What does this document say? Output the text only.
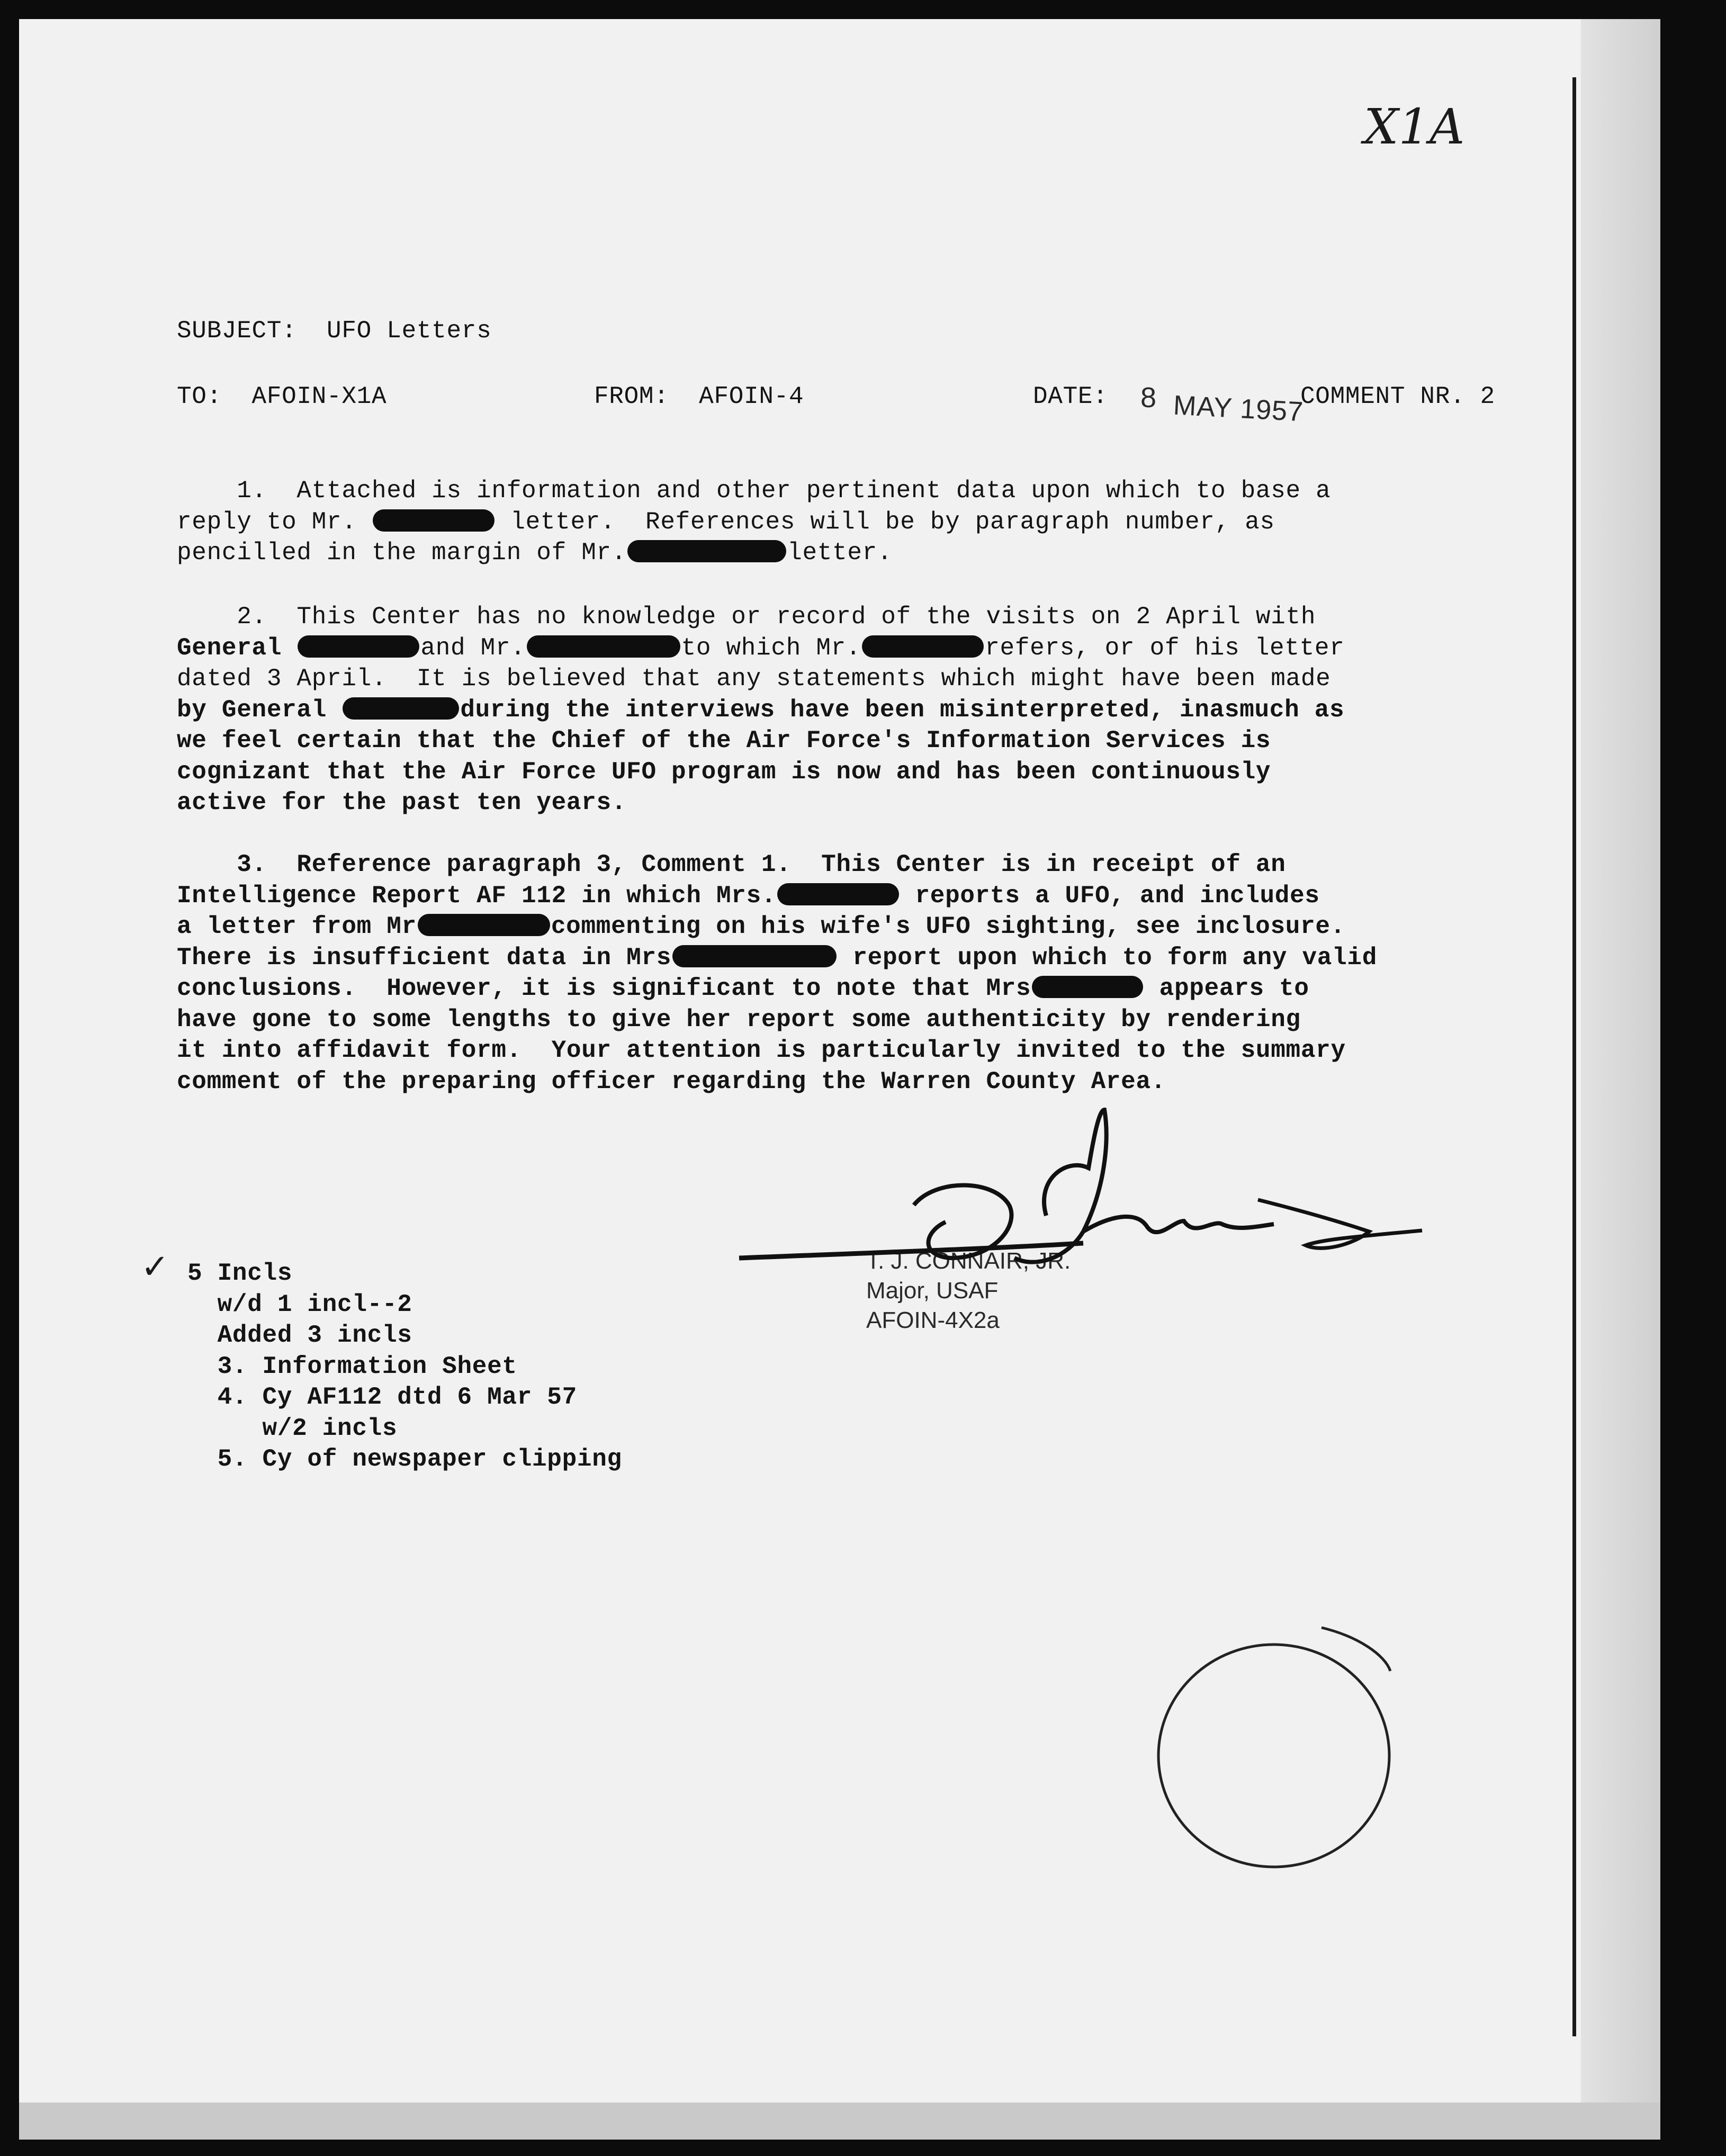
X1A
SUBJECT: UFO Letters
TO: AFOIN-X1A	FROM: AFOIN-4	DATE: 8 MAY 1957
COMMENT NR. 2
1.  Attached is information and other pertinent data upon which to base a
reply to Mr.	letter.  References will be by paragraph number, as
pencilled in the margin of Mr.	letter.
2.  This Center has no knowledge or record of the visits on 2 April with
General	and Mr.	to which Mr.	refers, or of his letter
dated 3 April.  It is believed that any statements which might have been made
by General	during the interviews have been misinterpreted, inasmuch as
we feel certain that the Chief of the Air Force's Information Services is
cognizant that the Air Force UFO program is now and has been continuously
active for the past ten years.
3.  Reference paragraph 3, Comment 1.  This Center is in receipt of an
Intelligence Report AF 112 in which Mrs.	reports a UFO, and includes
a letter from Mr	commenting on his wife's UFO sighting, see inclosure.
There is insufficient data in Mrs	report upon which to form any valid
conclusions.  However, it is significant to note that Mrs	appears to
have gone to some lengths to give her report some authenticity by rendering
it into affidavit form.  Your attention is particularly invited to the summary
comment of the preparing officer regarding the Warren County Area.
T. J. CONNAIR, JR.
Major, USAF
AFOIN-4X2a
✓ 5 Incls
w/d 1 incl--2
Added 3 incls
3. Information Sheet
4. Cy AF112 dtd 6 Mar 57
w/2 incls
5. Cy of newspaper clipping
